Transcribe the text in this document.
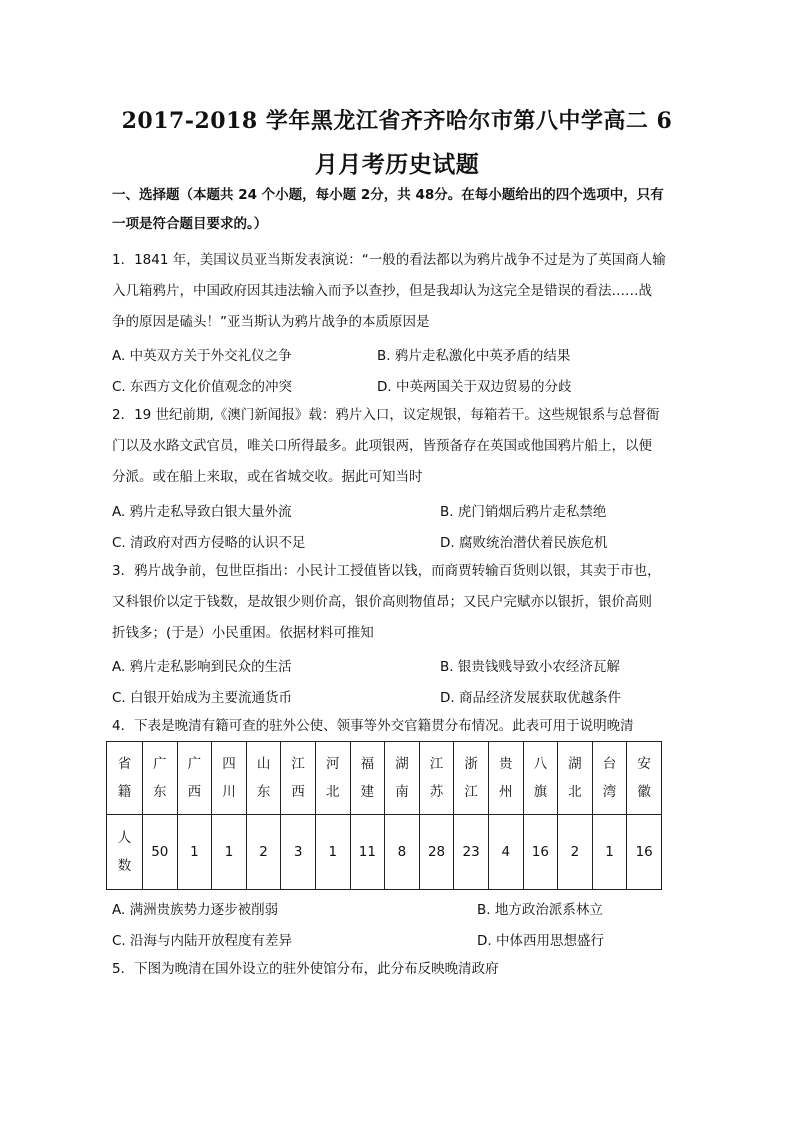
2017-2018 学年黑龙江省齐齐哈尔市第八中学高二 6
月月考历史试题
一、选择题（本题共 24 个小题，每小题 2分，共 48分。在每小题给出的四个选项中，只有
一项是符合题目要求的。）
1．1841 年，美国议员亚当斯发表演说：“一般的看法都以为鸦片战争不过是为了英国商人输
入几箱鸦片，中国政府因其违法输入而予以查抄，但是我却认为这完全是错误的看法……战
争的原因是磕头！”亚当斯认为鸦片战争的本质原因是
A. 中英双方关于外交礼仪之争	B. 鸦片走私激化中英矛盾的结果
C. 东西方文化价值观念的冲突	D. 中英两国关于双边贸易的分歧
2．19 世纪前期,《澳门新闻报》载：鸦片入口，议定规银，每箱若干。这些规银系与总督衙
门以及水路文武官员，唯关口所得最多。此项银两，皆预备存在英国或他国鸦片船上，以便
分派。或在船上来取，或在省城交收。据此可知当时
A. 鸦片走私导致白银大量外流	B. 虎门销烟后鸦片走私禁绝
C. 清政府对西方侵略的认识不足	D. 腐败统治潜伏着民族危机
3．鸦片战争前，包世臣指出：小民计工授值皆以钱，而商贾转输百货则以银，其卖于市也，
又科银价以定于钱数，是故银少则价高，银价高则物值昂；又民户完赋亦以银折，银价高则
折钱多；(于是）小民重困。依据材料可推知
A. 鸦片走私影响到民众的生活	B. 银贵钱贱导致小农经济瓦解
C. 白银开始成为主要流通货币	D. 商品经济发展获取优越条件
4．下表是晚清有籍可查的驻外公使、领事等外交官籍贯分布情况。此表可用于说明晚清
省籍	广东	广西	四川	山东	江西	河北	福建	湖南	江苏	浙江	贵州	八旗	湖北	台湾	安徽
人数	50	1	1	2	3	1	11	8	28	23	4	16	2	1	16
A. 满洲贵族势力逐步被削弱	B. 地方政治派系林立
C. 沿海与内陆开放程度有差异	D. 中体西用思想盛行
5．下图为晚清在国外设立的驻外使馆分布，此分布反映晚清政府
